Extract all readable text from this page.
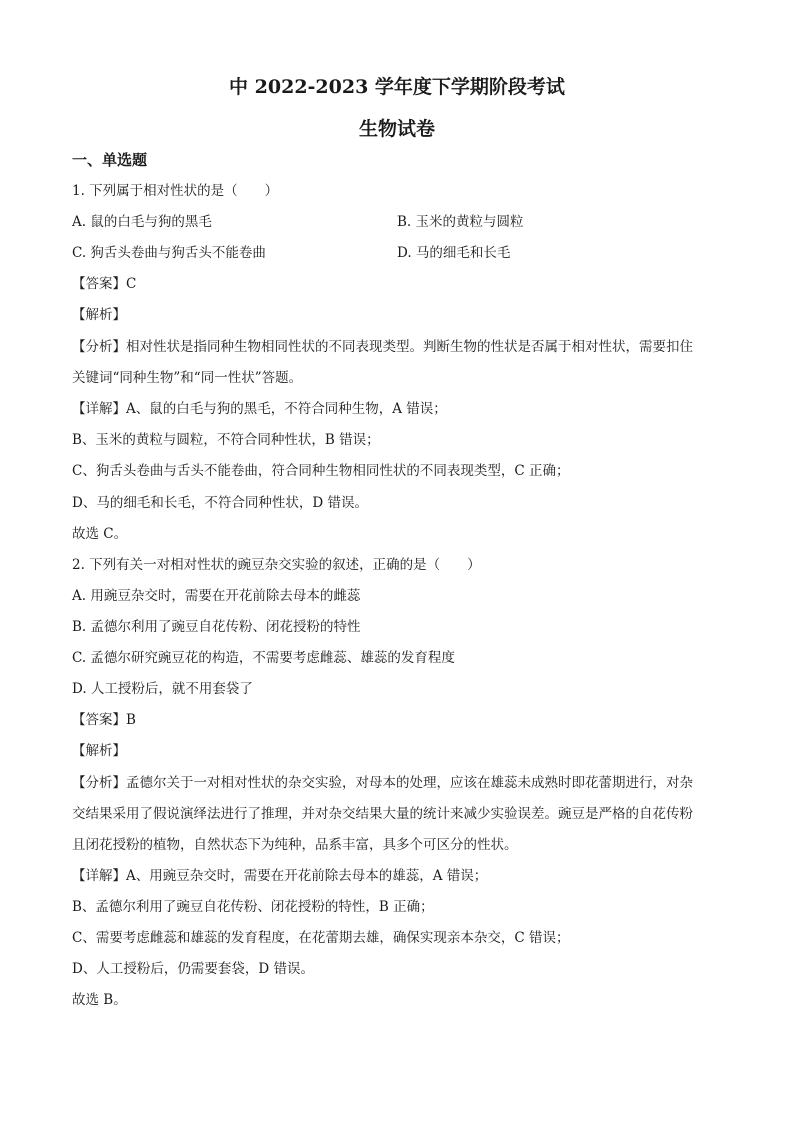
中 2022-2023 学年度下学期阶段考试
生物试卷
一、单选题
1. 下列属于相对性状的是（　　）
A. 鼠的白毛与狗的黑毛	B. 玉米的黄粒与圆粒
C. 狗舌头卷曲与狗舌头不能卷曲	D. 马的细毛和长毛
【答案】C
【解析】
【分析】相对性状是指同种生物相同性状的不同表现类型。判断生物的性状是否属于相对性状，需要扣住
关键词“同种生物”和“同一性状”答题。
【详解】A、鼠的白毛与狗的黑毛，不符合同种生物，A 错误；
B、玉米的黄粒与圆粒，不符合同种性状，B 错误；
C、狗舌头卷曲与舌头不能卷曲，符合同种生物相同性状的不同表现类型，C 正确；
D、马的细毛和长毛，不符合同种性状，D 错误。
故选 C。
2. 下列有关一对相对性状的豌豆杂交实验的叙述，正确的是（　　）
A. 用豌豆杂交时，需要在开花前除去母本的雌蕊
B. 孟德尔利用了豌豆自花传粉、闭花授粉的特性
C. 孟德尔研究豌豆花的构造，不需要考虑雌蕊、雄蕊的发育程度
D. 人工授粉后，就不用套袋了
【答案】B
【解析】
【分析】孟德尔关于一对相对性状的杂交实验，对母本的处理，应该在雄蕊未成熟时即花蕾期进行，对杂
交结果采用了假说演绎法进行了推理，并对杂交结果大量的统计来减少实验误差。豌豆是严格的自花传粉
且闭花授粉的植物，自然状态下为纯种，品系丰富，具多个可区分的性状。
【详解】A、用豌豆杂交时，需要在开花前除去母本的雄蕊，A 错误；
B、孟德尔利用了豌豆自花传粉、闭花授粉的特性，B 正确；
C、需要考虑雌蕊和雄蕊的发育程度，在花蕾期去雄，确保实现亲本杂交，C 错误；
D、人工授粉后，仍需要套袋，D 错误。
故选 B。
